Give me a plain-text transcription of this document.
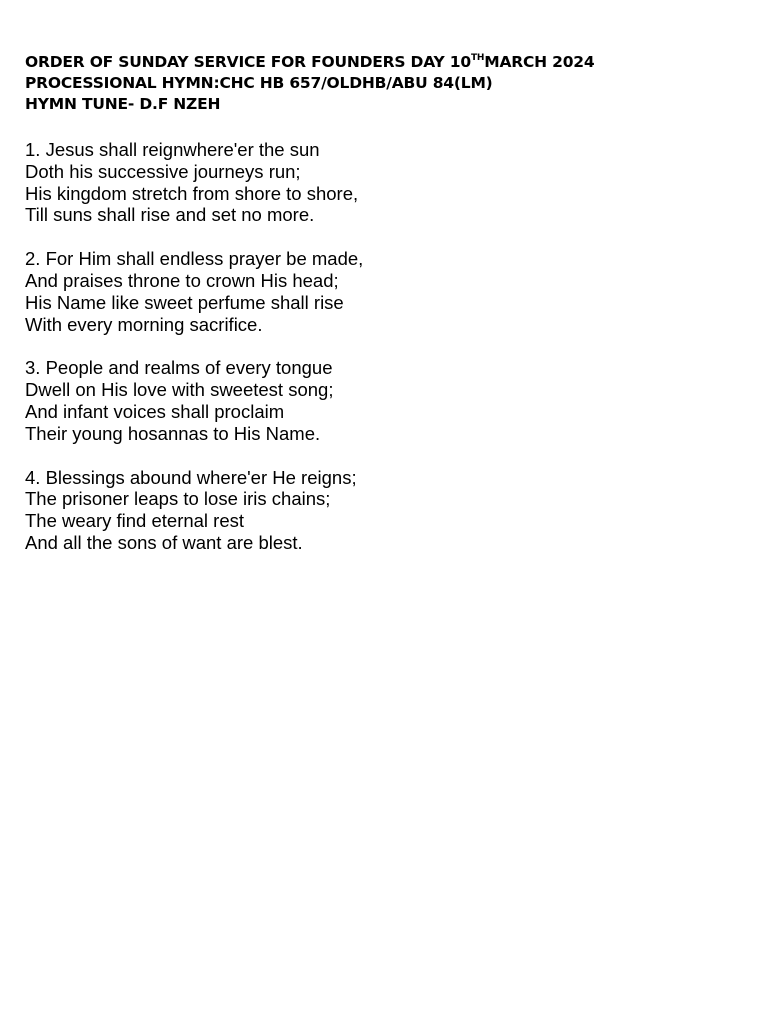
ORDER OF SUNDAY SERVICE FOR FOUNDERS DAY 10THMARCH 2024
PROCESSIONAL HYMN:CHC HB 657/OLDHB/ABU 84(LM)
HYMN TUNE- D.F NZEH
1. Jesus shall reignwhere'er the sun
Doth his successive journeys run;
His kingdom stretch from shore to shore,
Till suns shall rise and set no more.
2. For Him shall endless prayer be made,
And praises throne to crown His head;
His Name like sweet perfume shall rise
With every morning sacrifice.
3. People and realms of every tongue
Dwell on His love with sweetest song;
And infant voices shall proclaim
Their young hosannas to His Name.
4. Blessings abound where'er He reigns;
The prisoner leaps to lose iris chains;
The weary find eternal rest
And all the sons of want are blest.
